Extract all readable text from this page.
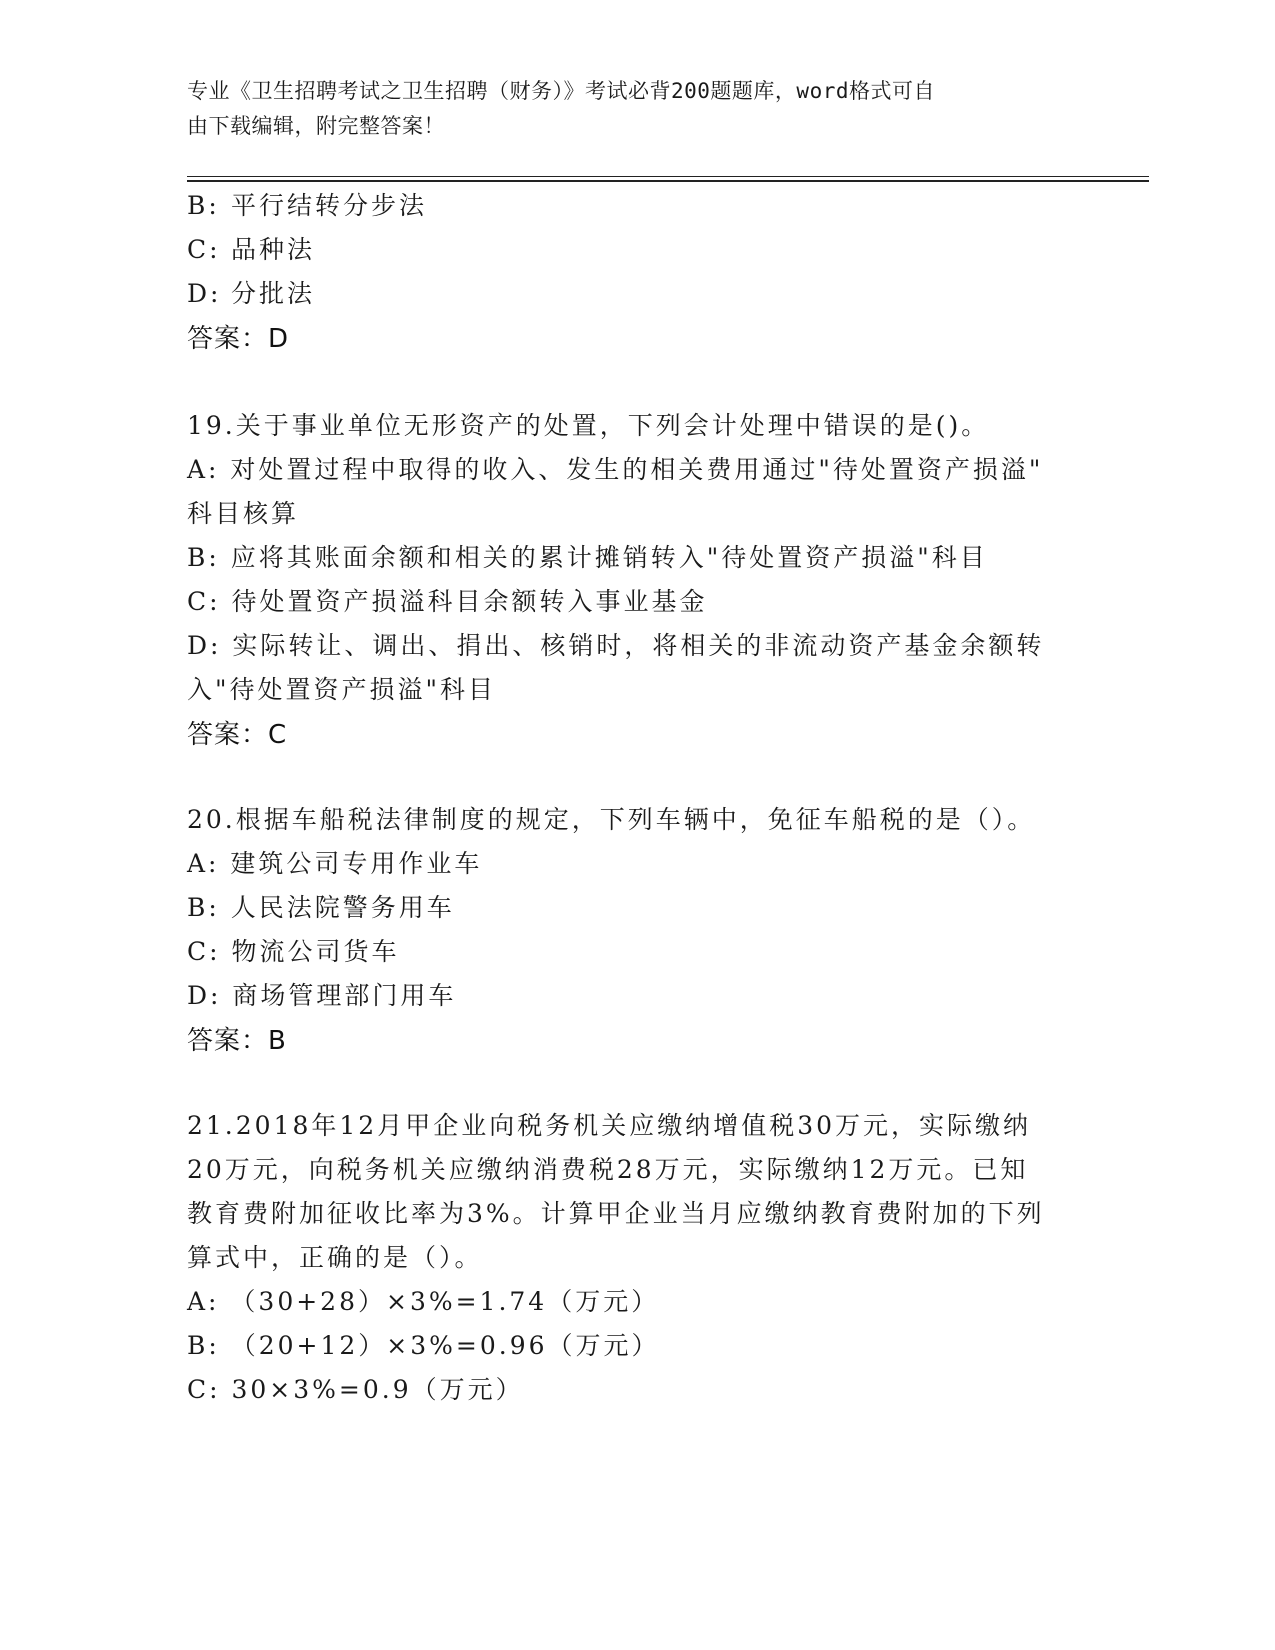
专业《卫生招聘考试之卫生招聘（财务）》考试必背200题题库，word格式可自
由下载编辑，附完整答案！
B: 平行结转分步法
C: 品种法
D: 分批法
答案：D
19.关于事业单位无形资产的处置，下列会计处理中错误的是()。
A: 对处置过程中取得的收入、发生的相关费用通过"待处置资产损溢"
科目核算
B: 应将其账面余额和相关的累计摊销转入"待处置资产损溢"科目
C: 待处置资产损溢科目余额转入事业基金
D: 实际转让、调出、捐出、核销时，将相关的非流动资产基金余额转
入"待处置资产损溢"科目
答案：C
20.根据车船税法律制度的规定，下列车辆中，免征车船税的是（）。
A: 建筑公司专用作业车
B: 人民法院警务用车
C: 物流公司货车
D: 商场管理部门用车
答案：B
21.2018年12月甲企业向税务机关应缴纳增值税30万元，实际缴纳
20万元，向税务机关应缴纳消费税28万元，实际缴纳12万元。已知
教育费附加征收比率为3%。计算甲企业当月应缴纳教育费附加的下列
算式中，正确的是（）。
A: （30+28）×3%=1.74（万元）
B: （20+12）×3%=0.96（万元）
C: 30×3%=0.9（万元）
